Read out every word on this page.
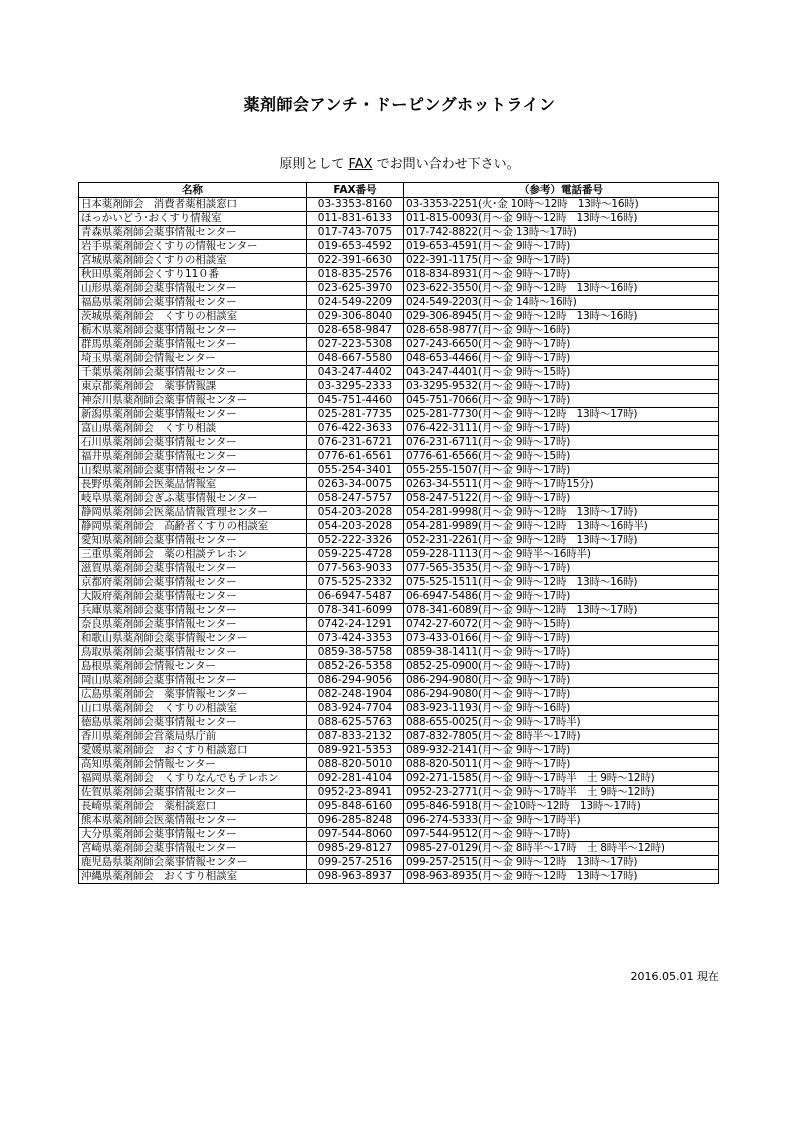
薬剤師会アンチ・ドーピングホットライン
原則として FAX でお問い合わせ下さい。
名称	FAX番号	（参考）電話番号
日本薬剤師会　消費者薬相談窓口	03-3353-8160	03-3353-2251(火･金 10時～12時　13時～16時)
ほっかいどう･おくすり情報室	011-831-6133	011-815-0093(月～金 9時～12時　13時～16時)
青森県薬剤師会薬事情報センター	017-743-7075	017-742-8822(月～金 13時～17時)
岩手県薬剤師会くすりの情報センター	019-653-4592	019-653-4591(月～金 9時～17時)
宮城県薬剤師会くすりの相談室	022-391-6630	022-391-1175(月～金 9時～17時)
秋田県薬剤師会くすり11０番	018-835-2576	018-834-8931(月～金 9時～17時)
山形県薬剤師会薬事情報センター	023-625-3970	023-622-3550(月～金 9時～12時　13時～16時)
福島県薬剤師会薬事情報センター	024-549-2209	024-549-2203(月～金 14時～16時)
茨城県薬剤師会　くすりの相談室	029-306-8040	029-306-8945(月～金 9時～12時　13時～16時)
栃木県薬剤師会薬事情報センター	028-658-9847	028-658-9877(月～金 9時～16時)
群馬県薬剤師会薬事情報センター	027-223-5308	027-243-6650(月～金 9時～17時)
埼玉県薬剤師会情報センター	048-667-5580	048-653-4466(月～金 9時～17時)
千葉県薬剤師会薬事情報センター	043-247-4402	043-247-4401(月～金 9時～15時)
東京都薬剤師会　薬事情報課	03-3295-2333	03-3295-9532(月～金 9時～17時)
神奈川県薬剤師会薬事情報センター	045-751-4460	045-751-7066(月～金 9時～17時)
新潟県薬剤師会薬事情報センター	025-281-7735	025-281-7730(月～金 9時～12時　13時～17時)
富山県薬剤師会　くすり相談	076-422-3633	076-422-3111(月～金 9時～17時)
石川県薬剤師会薬事情報センター	076-231-6721	076-231-6711(月～金 9時～17時)
福井県薬剤師会薬事情報センター	0776-61-6561	0776-61-6566(月～金 9時～15時)
山梨県薬剤師会薬事情報センター	055-254-3401	055-255-1507(月～金 9時～17時)
長野県薬剤師会医薬品情報室	0263-34-0075	0263-34-5511(月～金 9時～17時15分)
岐阜県薬剤師会ぎふ薬事情報センター	058-247-5757	058-247-5122(月～金 9時～17時)
静岡県薬剤師会医薬品情報管理センター	054-203-2028	054-281-9998(月～金 9時～12時　13時～17時)
静岡県薬剤師会　高齢者くすりの相談室	054-203-2028	054-281-9989(月～金 9時～12時　13時～16時半)
愛知県薬剤師会薬事情報センター	052-222-3326	052-231-2261(月～金 9時～12時　13時～17時)
三重県薬剤師会　薬の相談テレホン	059-225-4728	059-228-1113(月～金 9時半～16時半)
滋賀県薬剤師会薬事情報センター	077-563-9033	077-565-3535(月～金 9時～17時)
京都府薬剤師会薬事情報センター	075-525-2332	075-525-1511(月～金 9時～12時　13時～16時)
大阪府薬剤師会薬事情報センター	06-6947-5487	06-6947-5486(月～金 9時～17時)
兵庫県薬剤師会薬事情報センター	078-341-6099	078-341-6089(月～金 9時～12時　13時～17時)
奈良県薬剤師会薬事情報センター	0742-24-1291	0742-27-6072(月～金 9時～15時)
和歌山県薬剤師会薬事情報センター	073-424-3353	073-433-0166(月～金 9時～17時)
鳥取県薬剤師会薬事情報センター	0859-38-5758	0859-38-1411(月～金 9時～17時)
島根県薬剤師会情報センター	0852-26-5358	0852-25-0900(月～金 9時～17時)
岡山県薬剤師会薬事情報センター	086-294-9056	086-294-9080(月～金 9時～17時)
広島県薬剤師会　薬事情報センター	082-248-1904	086-294-9080(月～金 9時～17時)
山口県薬剤師会　くすりの相談室	083-924-7704	083-923-1193(月～金 9時～16時)
徳島県薬剤師会薬事情報センター	088-625-5763	088-655-0025(月～金 9時～17時半)
香川県薬剤師会営薬局県庁前	087-833-2132	087-832-7805(月～金 8時半～17時)
愛媛県薬剤師会　おくすり相談窓口	089-921-5353	089-932-2141(月～金 9時～17時)
高知県薬剤師会情報センター	088-820-5010	088-820-5011(月～金 9時～17時)
福岡県薬剤師会　くすりなんでもテレホン	092-281-4104	092-271-1585(月～金 9時～17時半　土 9時～12時)
佐賀県薬剤師会薬事情報センター	0952-23-8941	0952-23-2771(月～金 9時～17時半　土 9時～12時)
長崎県薬剤師会　薬相談窓口	095-848-6160	095-846-5918(月～金10時～12時　13時～17時)
熊本県薬剤師会医薬情報センター	096-285-8248	096-274-5333(月～金 9時～17時半)
大分県薬剤師会薬事情報センター	097-544-8060	097-544-9512(月～金 9時～17時)
宮崎県薬剤師会薬事情報センター	0985-29-8127	0985-27-0129(月～金 8時半～17時　土 8時半～12時)
鹿児島県薬剤師会薬事情報センター	099-257-2516	099-257-2515(月～金 9時～12時　13時～17時)
沖縄県薬剤師会　おくすり相談室	098-963-8937	098-963-8935(月～金 9時～12時　13時～17時)
2016.05.01 現在
